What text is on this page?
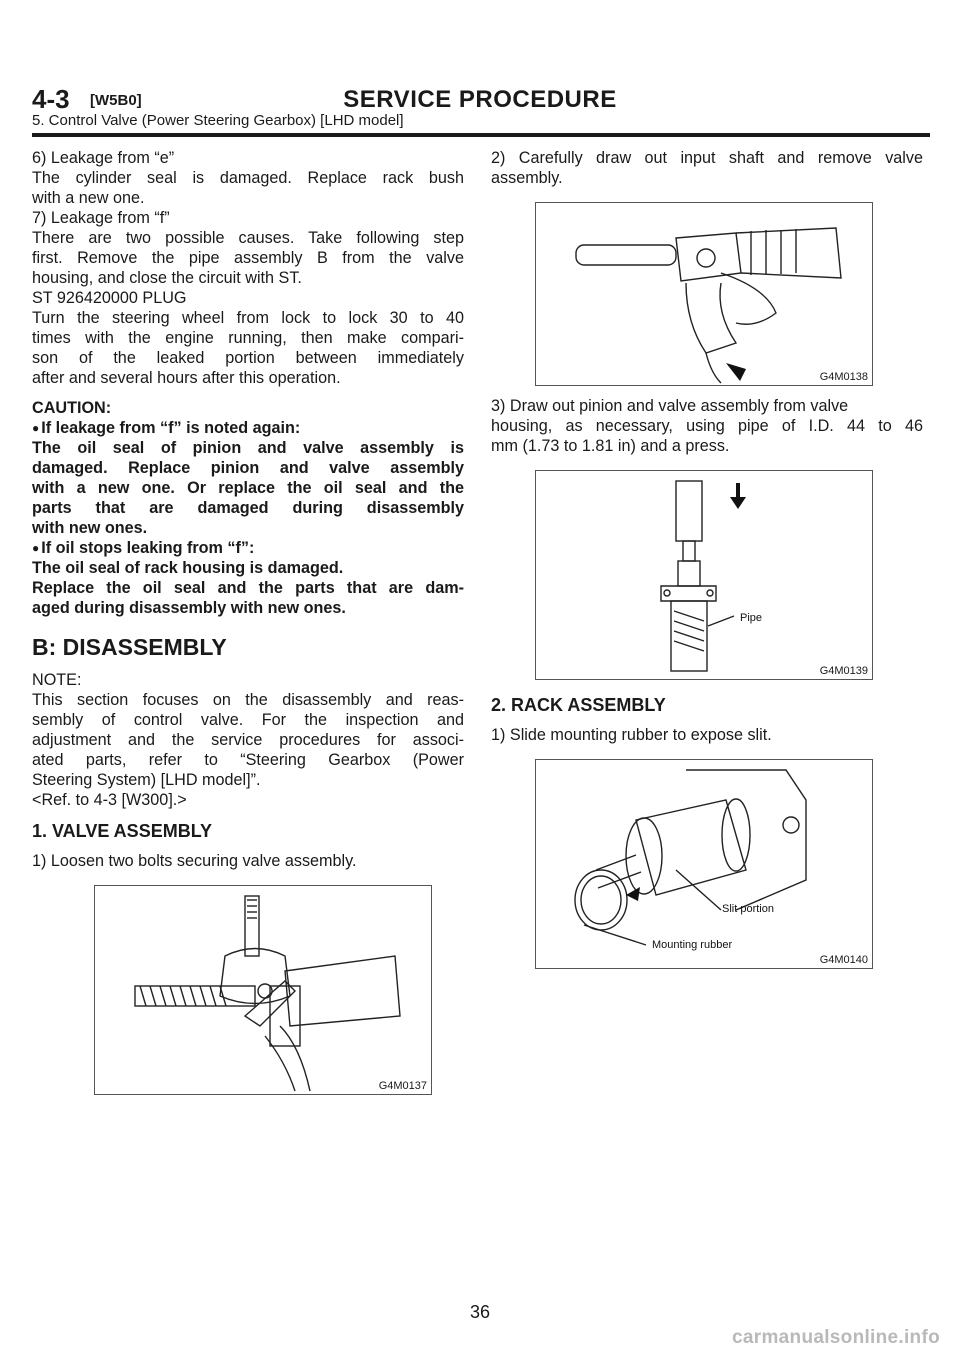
4-3 [W5B0]	SERVICE PROCEDURE
5. Control Valve (Power Steering Gearbox) [LHD model]

6) Leakage from “e”

The cylinder seal is damaged. Replace rack bush

with a new one.

7) Leakage from “f”

There are two possible causes. Take following step

first. Remove the pipe assembly B from the valve

housing, and close the circuit with ST.

ST 926420000 PLUG

Turn the steering wheel from lock to lock 30 to 40

times with the engine running, then make compari-

son of the leaked portion between immediately

after and several hours after this operation.

CAUTION:

● If leakage from “f” is noted again:

The oil seal of pinion and valve assembly is

damaged. Replace pinion and valve assembly

with a new one. Or replace the oil seal and the

parts that are damaged during disassembly

with new ones.

● If oil stops leaking from “f”:

The oil seal of rack housing is damaged.

Replace the oil seal and the parts that are dam-

aged during disassembly with new ones.

B: DISASSEMBLY

NOTE:

This section focuses on the disassembly and reas-

sembly of control valve. For the inspection and

adjustment and the service procedures for associ-

ated parts, refer to “Steering Gearbox (Power

Steering System) [LHD model]”.

<Ref. to 4-3 [W300].>

1. VALVE ASSEMBLY

1) Loosen two bolts securing valve assembly.

G4M0137

2) Carefully draw out input shaft and remove valve

assembly.

G4M0138

3) Draw out pinion and valve assembly from valve

housing, as necessary, using pipe of I.D. 44 to 46

mm (1.73 to 1.81 in) and a press.

Pipe
G4M0139

2. RACK ASSEMBLY

1) Slide mounting rubber to expose slit.

Slit portion
Mounting rubber
G4M0140
36
carmanualsonline.info
